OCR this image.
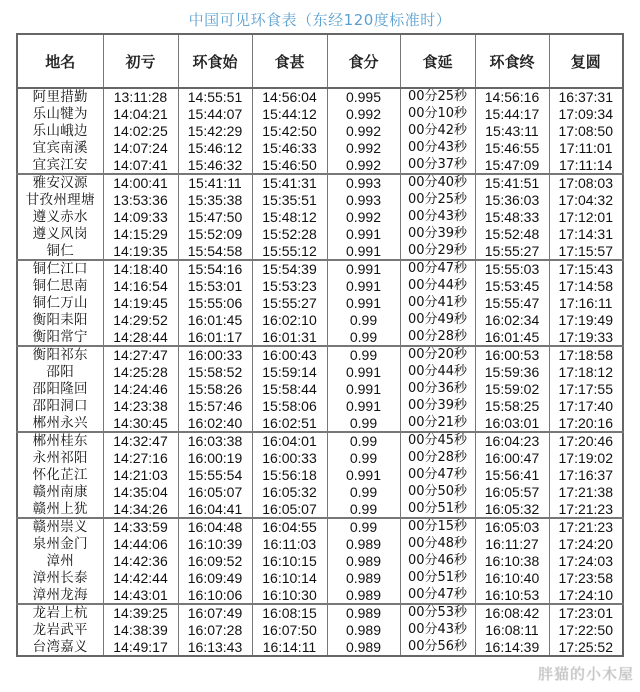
中国可见环食表（东经120度标准时）
地名	初亏	环食始	食甚	食分	食延	环食终	复圆
阿里措勤	13:11:28	14:55:51	14:56:04	0.995	00分25秒	14:56:16	16:37:31
乐山犍为	14:04:21	15:44:07	15:44:12	0.992	00分10秒	15:44:17	17:09:34
乐山峨边	14:02:25	15:42:29	15:42:50	0.992	00分42秒	15:43:11	17:08:50
宜宾南溪	14:07:24	15:46:12	15:46:33	0.992	00分43秒	15:46:55	17:11:01
宜宾江安	14:07:41	15:46:32	15:46:50	0.992	00分37秒	15:47:09	17:11:14
雅安汉源	14:00:41	15:41:11	15:41:31	0.993	00分40秒	15:41:51	17:08:03
甘孜州理塘	13:53:36	15:35:38	15:35:51	0.993	00分25秒	15:36:03	17:04:32
遵义赤水	14:09:33	15:47:50	15:48:12	0.992	00分43秒	15:48:33	17:12:01
遵义风岗	14:15:29	15:52:09	15:52:28	0.991	00分39秒	15:52:48	17:14:31
铜仁	14:19:35	15:54:58	15:55:12	0.991	00分29秒	15:55:27	17:15:57
铜仁江口	14:18:40	15:54:16	15:54:39	0.991	00分47秒	15:55:03	17:15:43
铜仁思南	14:16:54	15:53:01	15:53:23	0.991	00分44秒	15:53:45	17:14:58
铜仁万山	14:19:45	15:55:06	15:55:27	0.991	00分41秒	15:55:47	17:16:11
衡阳耒阳	14:29:52	16:01:45	16:02:10	0.99	00分49秒	16:02:34	17:19:49
衡阳常宁	14:28:44	16:01:17	16:01:31	0.99	00分28秒	16:01:45	17:19:33
衡阳祁东	14:27:47	16:00:33	16:00:43	0.99	00分20秒	16:00:53	17:18:58
邵阳	14:25:28	15:58:52	15:59:14	0.991	00分44秒	15:59:36	17:18:12
邵阳隆回	14:24:46	15:58:26	15:58:44	0.991	00分36秒	15:59:02	17:17:55
邵阳洞口	14:23:38	15:57:46	15:58:06	0.991	00分39秒	15:58:25	17:17:40
郴州永兴	14:30:45	16:02:40	16:02:51	0.99	00分21秒	16:03:01	17:20:16
郴州桂东	14:32:47	16:03:38	16:04:01	0.99	00分45秒	16:04:23	17:20:46
永州祁阳	14:27:16	16:00:19	16:00:33	0.99	00分28秒	16:00:47	17:19:02
怀化芷江	14:21:03	15:55:54	15:56:18	0.991	00分47秒	15:56:41	17:16:37
赣州南康	14:35:04	16:05:07	16:05:32	0.99	00分50秒	16:05:57	17:21:38
赣州上犹	14:34:26	16:04:41	16:05:07	0.99	00分51秒	16:05:32	17:21:23
赣州崇义	14:33:59	16:04:48	16:04:55	0.99	00分15秒	16:05:03	17:21:23
泉州金门	14:44:06	16:10:39	16:11:03	0.989	00分48秒	16:11:27	17:24:20
漳州	14:42:36	16:09:52	16:10:15	0.989	00分46秒	16:10:38	17:24:03
漳州长泰	14:42:44	16:09:49	16:10:14	0.989	00分51秒	16:10:40	17:23:58
漳州龙海	14:43:01	16:10:06	16:10:30	0.989	00分47秒	16:10:53	17:24:10
龙岩上杭	14:39:25	16:07:49	16:08:15	0.989	00分53秒	16:08:42	17:23:01
龙岩武平	14:38:39	16:07:28	16:07:50	0.989	00分43秒	16:08:11	17:22:50
台湾嘉义	14:49:17	16:13:43	16:14:11	0.989	00分56秒	16:14:39	17:25:52
胖猫的小木屋
